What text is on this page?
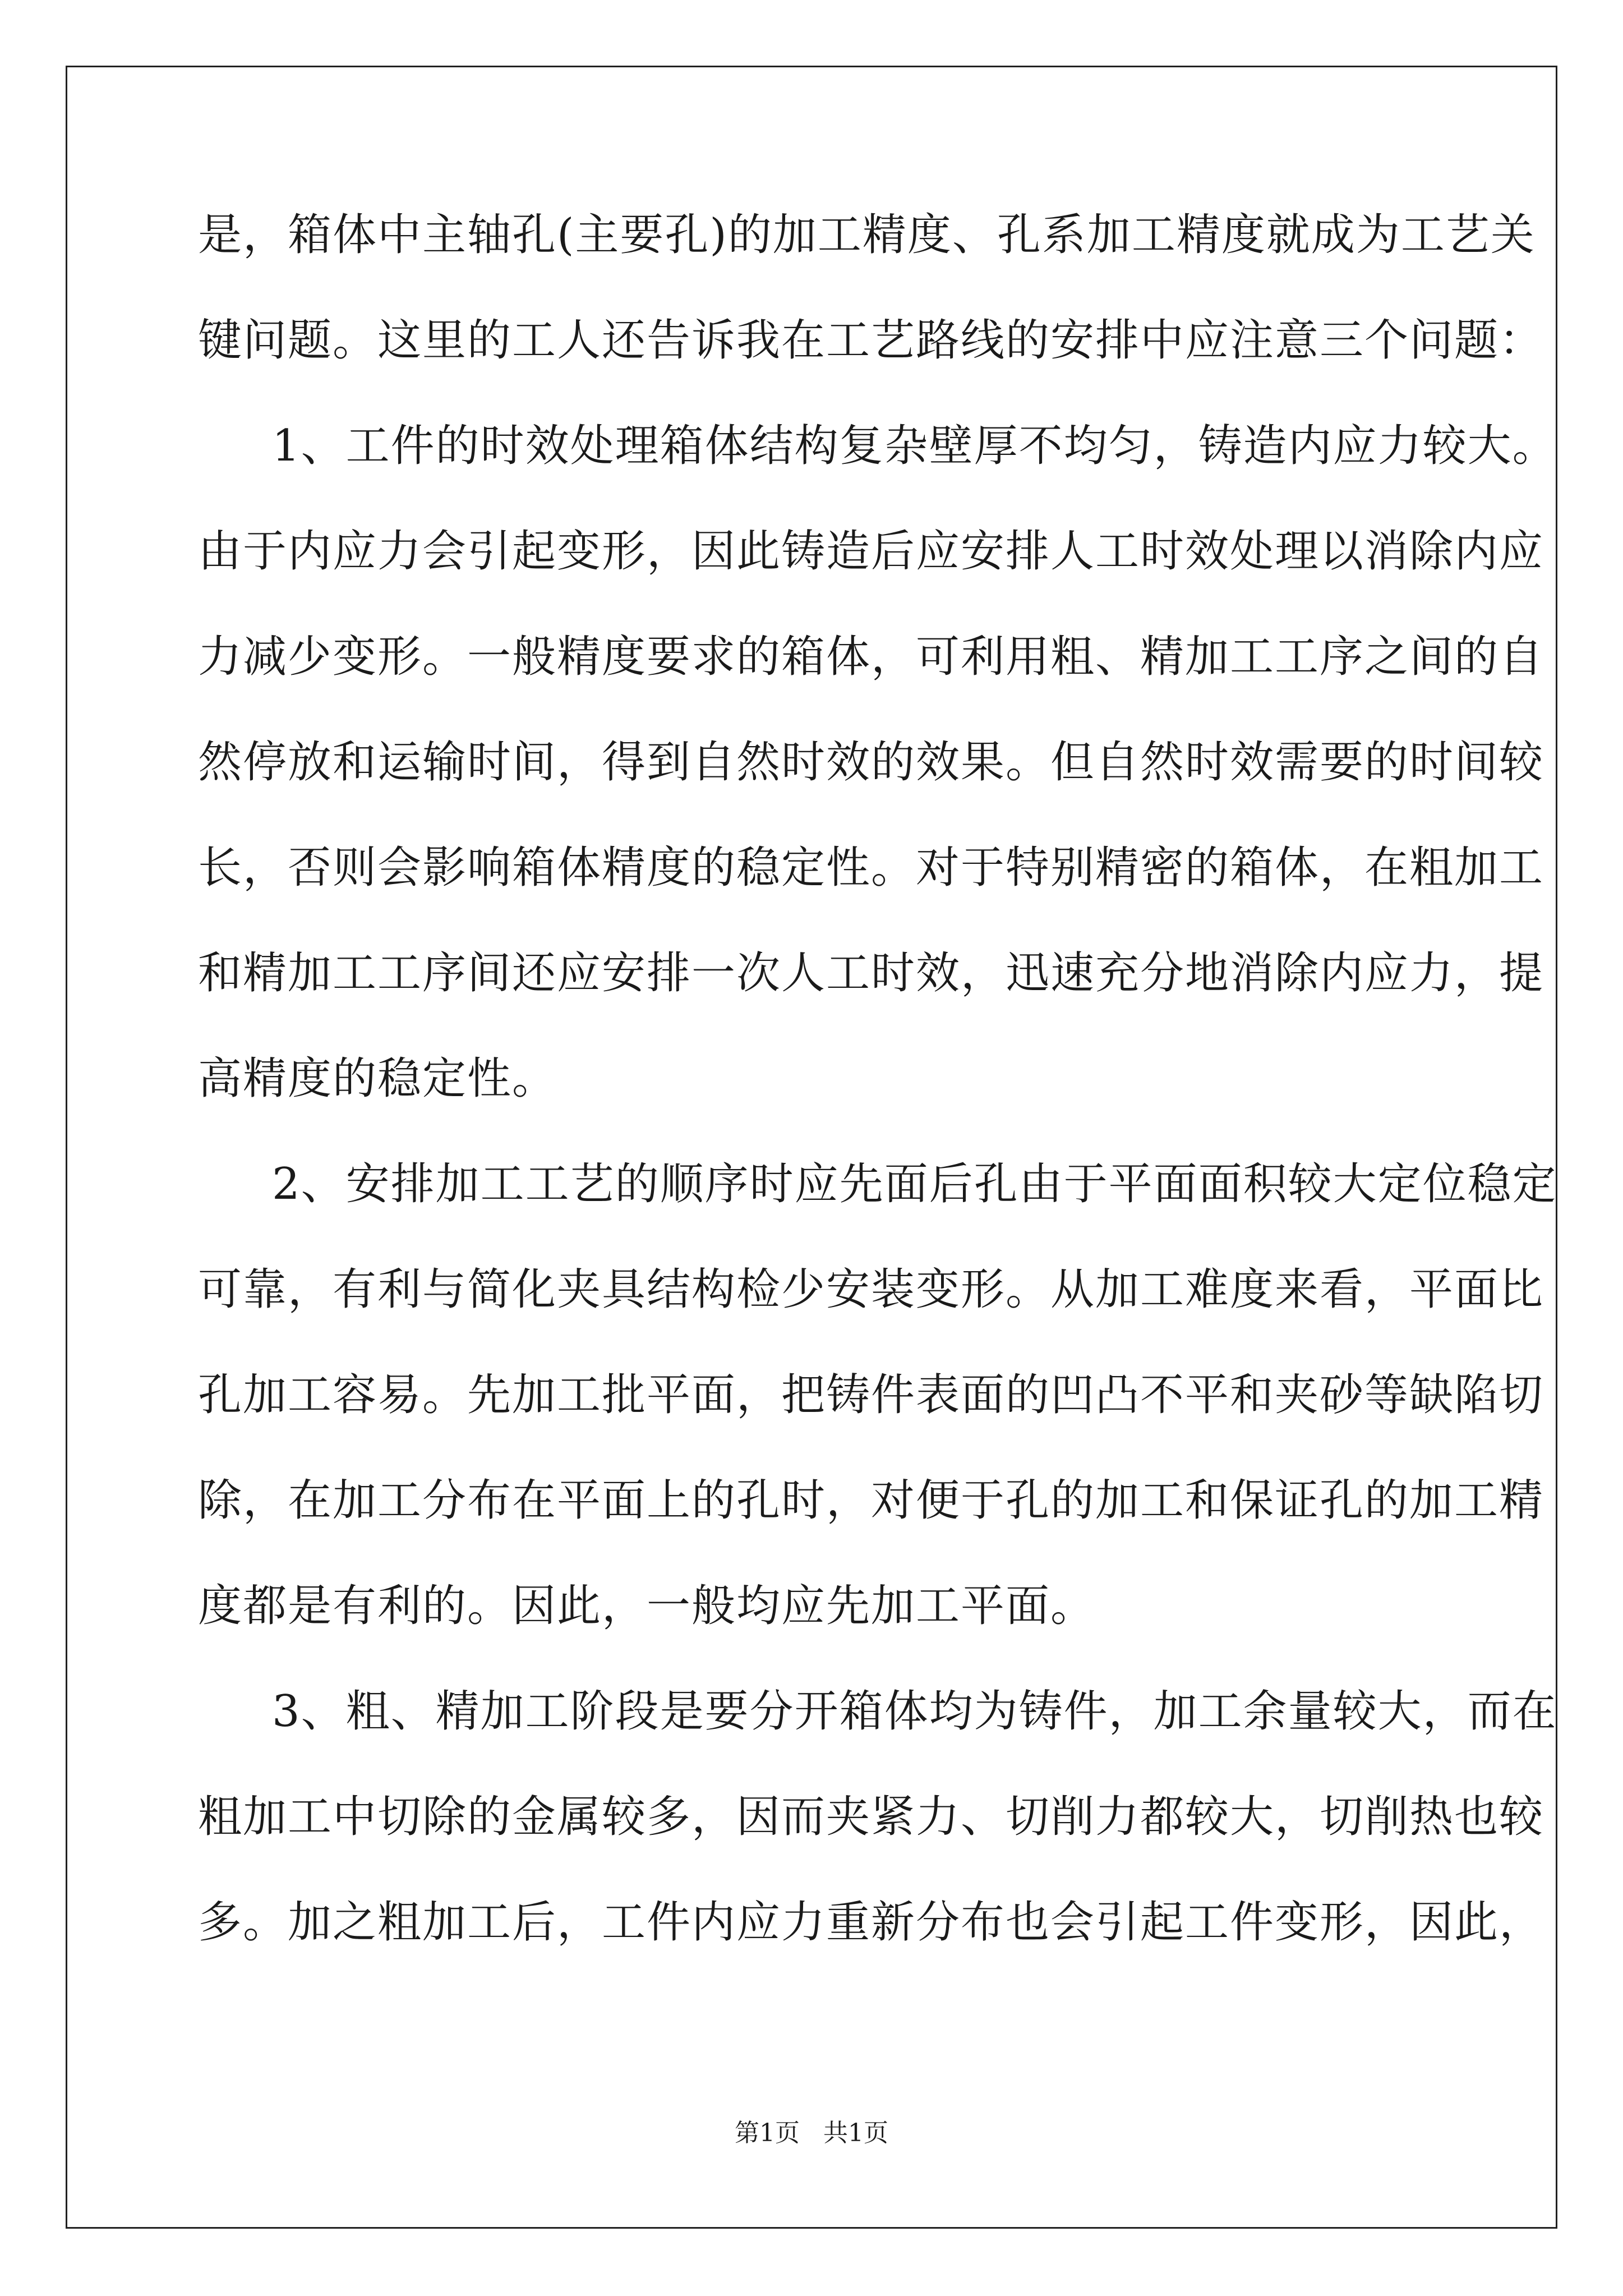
是，箱体中主轴孔(主要孔)的加工精度、孔系加工精度就成为工艺关
键问题。这里的工人还告诉我在工艺路线的安排中应注意三个问题：
1、工件的时效处理箱体结构复杂壁厚不均匀，铸造内应力较大。
由于内应力会引起变形，因此铸造后应安排人工时效处理以消除内应
力减少变形。一般精度要求的箱体，可利用粗、精加工工序之间的自
然停放和运输时间，得到自然时效的效果。但自然时效需要的时间较
长，否则会影响箱体精度的稳定性。对于特别精密的箱体，在粗加工
和精加工工序间还应安排一次人工时效，迅速充分地消除内应力，提
高精度的稳定性。
2、安排加工工艺的顺序时应先面后孔由于平面面积较大定位稳定
可靠，有利与简化夹具结构检少安装变形。从加工难度来看，平面比
孔加工容易。先加工批平面，把铸件表面的凹凸不平和夹砂等缺陷切
除，在加工分布在平面上的孔时，对便于孔的加工和保证孔的加工精
度都是有利的。因此，一般均应先加工平面。
3、粗、精加工阶段是要分开箱体均为铸件，加工余量较大，而在
粗加工中切除的金属较多，因而夹紧力、切削力都较大，切削热也较
多。加之粗加工后，工件内应力重新分布也会引起工件变形，因此，
第1页 共1页
